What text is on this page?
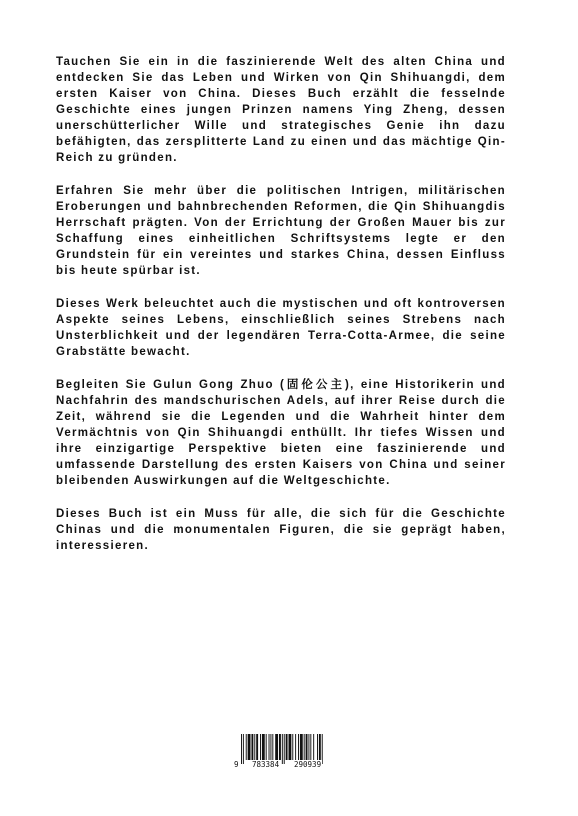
Tauchen Sie ein in die faszinierende Welt des alten China und entdecken Sie das Leben und Wirken von Qin Shihuangdi, dem ersten Kaiser von China. Dieses Buch erzählt die fesselnde Geschichte eines jungen Prinzen namens Ying Zheng, dessen unerschütterlicher Wille und strategisches Genie ihn dazu befähigten, das zersplitterte Land zu einen und das mächtige Qin-Reich zu gründen.

Erfahren Sie mehr über die politischen Intrigen, militärischen Eroberungen und bahnbrechenden Reformen, die Qin Shihuangdis Herrschaft prägten. Von der Errichtung der Großen Mauer bis zur Schaffung eines einheitlichen Schriftsystems legte er den Grundstein für ein vereintes und starkes China, dessen Einfluss bis heute spürbar ist.

Dieses Werk beleuchtet auch die mystischen und oft kontroversen Aspekte seines Lebens, einschließlich seines Strebens nach Unsterblichkeit und der legendären Terra-Cotta-Armee, die seine Grabstätte bewacht.

Begleiten Sie Gulun Gong Zhuo (固伦公主), eine Historikerin und Nachfahrin des mandschurischen Adels, auf ihrer Reise durch die Zeit, während sie die Legenden und die Wahrheit hinter dem Vermächtnis von Qin Shihuangdi enthüllt. Ihr tiefes Wissen und ihre einzigartige Perspektive bieten eine faszinierende und umfassende Darstellung des ersten Kaisers von China und seiner bleibenden Auswirkungen auf die Weltgeschichte.

Dieses Buch ist ein Muss für alle, die sich für die Geschichte Chinas und die monumentalen Figuren, die sie geprägt haben, interessieren.

9 783384 290939
